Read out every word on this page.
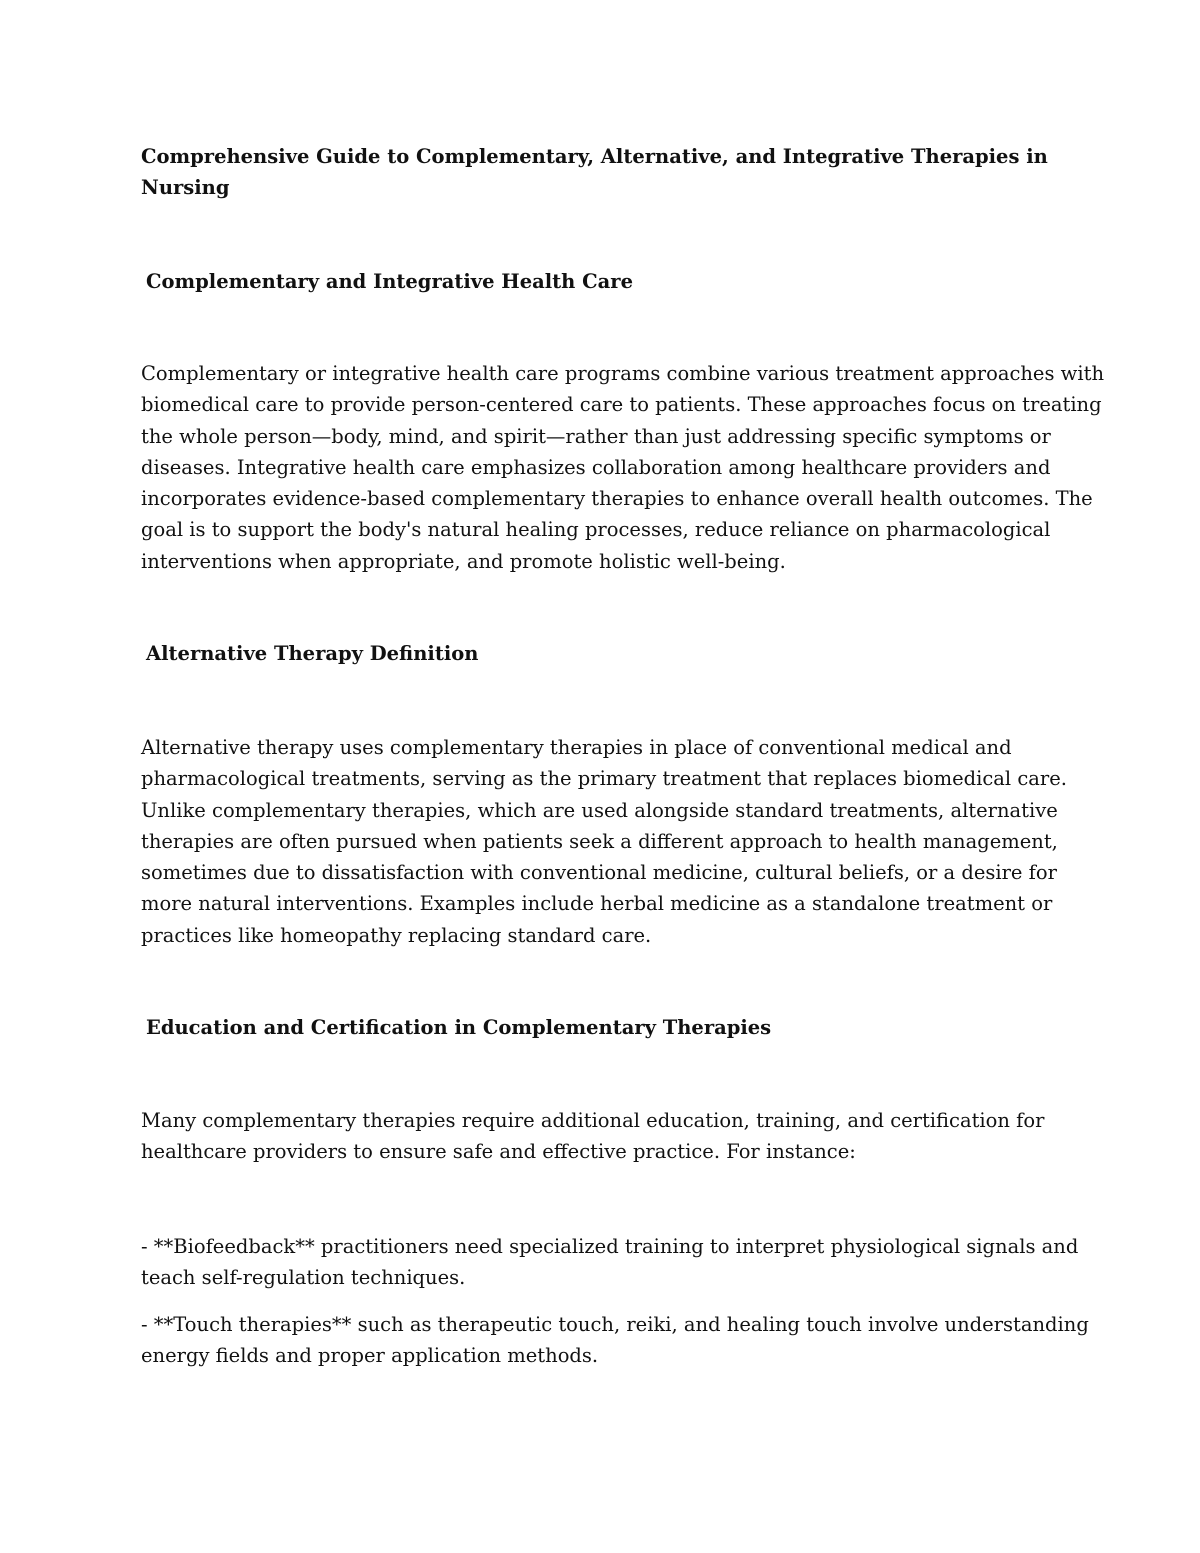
Comprehensive Guide to Complementary, Alternative, and Integrative Therapies in
Nursing
Complementary and Integrative Health Care

Complementary or integrative health care programs combine various treatment approaches with
biomedical care to provide person-centered care to patients. These approaches focus on treating
the whole person—body, mind, and spirit—rather than just addressing specific symptoms or
diseases. Integrative health care emphasizes collaboration among healthcare providers and
incorporates evidence-based complementary therapies to enhance overall health outcomes. The
goal is to support the body's natural healing processes, reduce reliance on pharmacological
interventions when appropriate, and promote holistic well-being.

Alternative Therapy Definition

Alternative therapy uses complementary therapies in place of conventional medical and
pharmacological treatments, serving as the primary treatment that replaces biomedical care.
Unlike complementary therapies, which are used alongside standard treatments, alternative
therapies are often pursued when patients seek a different approach to health management,
sometimes due to dissatisfaction with conventional medicine, cultural beliefs, or a desire for
more natural interventions. Examples include herbal medicine as a standalone treatment or
practices like homeopathy replacing standard care.

Education and Certification in Complementary Therapies

Many complementary therapies require additional education, training, and certification for
healthcare providers to ensure safe and effective practice. For instance:

- **Biofeedback** practitioners need specialized training to interpret physiological signals and
teach self-regulation techniques.

- **Touch therapies** such as therapeutic touch, reiki, and healing touch involve understanding
energy fields and proper application methods.
